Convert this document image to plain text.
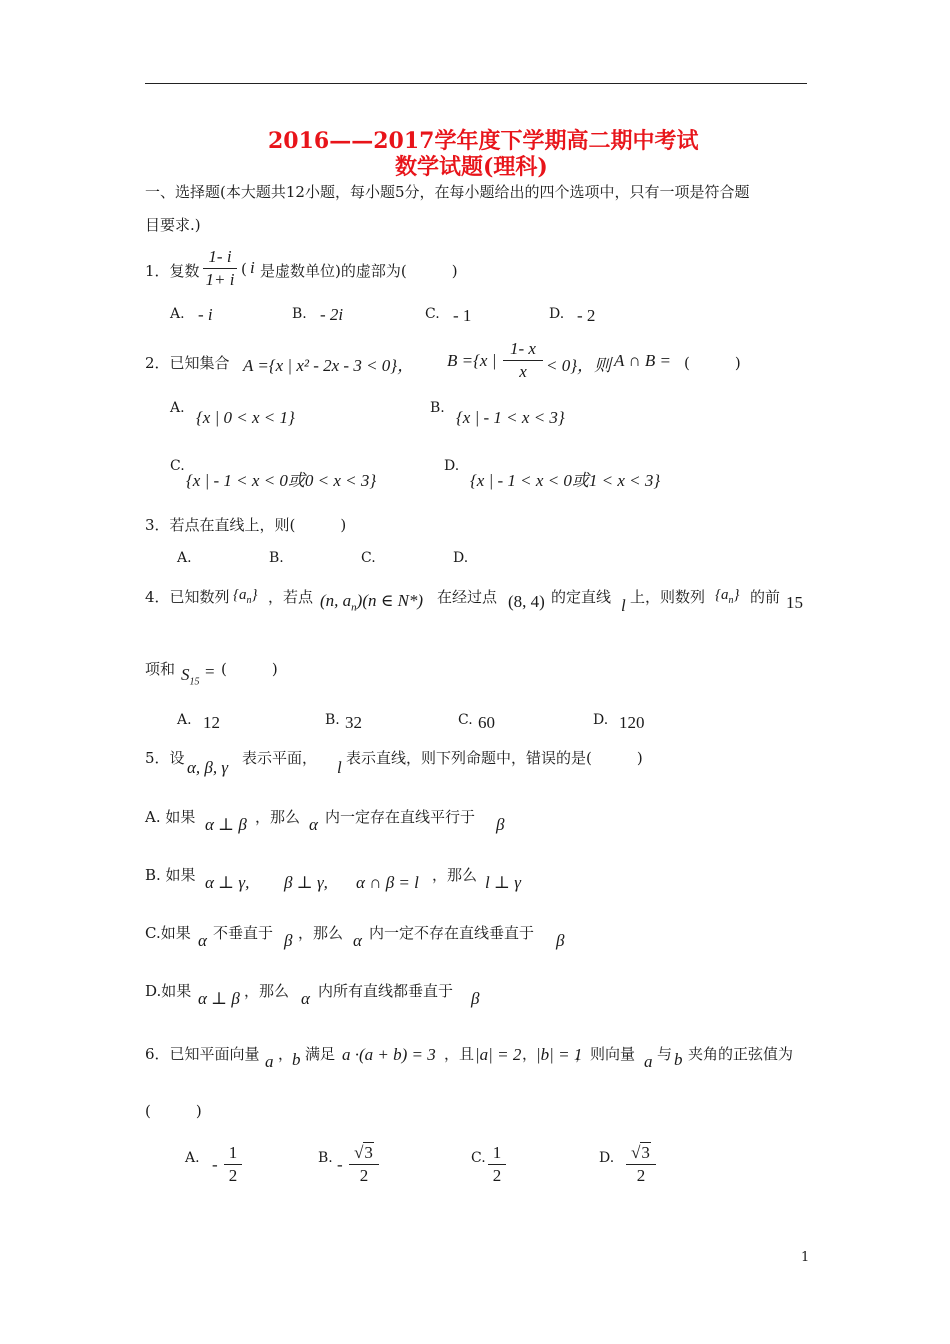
2016——2017学年度下学期高二期中考试
数学试题(理科)
一、选择题(本大题共12小题，每小题5分，在每小题给出的四个选项中，只有一项是符合题
目要求.)
1．复数
1- i
1+ i
( i 是虚数单位)的虚部为(　　　)
A. - i	B. - 2i	C. - 1	D. - 2
2．已知集合 A ={x | x² - 2x - 3 < 0}， B ={x |
1- x
x	< 0}，则 A ∩ B = (　　　)
A. {x | 0 < x < 1}	B. {x | - 1 < x < 3}
C.
{x | - 1 < x < 0或0 < x < 3}
D.
{x | - 1 < x < 0或1 < x < 3}
3．若点在直线上，则(　　　)
A.	B.	C.	D.
4．已知数列 $\{a_n\}$ ，若点 (n, $a_n)(n$ ∈ N*) 在经过点 (8, 4) 的定直线 l 上，则数列 $\{a_n\}$ 的前 15
项和 $S_{15}$
= (　　　)
A. 12	B. 32	C. 60	D. 120
5．设 α, β, γ 表示平面， l 表示直线，则下列命题中，错误的是(　　　)
A. 如果 α ⊥ β ，那么 α 内一定存在直线平行于 β
B. 如果 α ⊥ γ, β ⊥ γ, α ∩ β = l ，那么 l ⊥ γ
C.如果 α 不垂直于 β ，那么 α 内一定不存在直线垂直于 β
D.如果 α ⊥ β ，那么 α 内所有直线都垂直于 β
6．已知平面向量 a ，
b 满足 a ·(a + b) = 3 ，且 |a| = 2 ，
|b| = 1
，则向量 a 与 b 夹角的正弦值为
(　　　)
A. -
1
2
B. -
√3
2
C. 1
2
D. √3
2
1
